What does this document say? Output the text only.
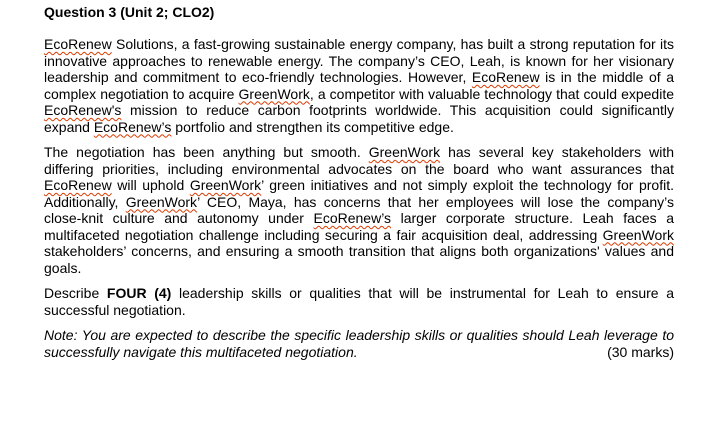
Question 3 (Unit 2; CLO2)
EcoRenew Solutions, a fast-growing sustainable energy company, has built a strong reputation for its innovative approaches to renewable energy. The company’s CEO, Leah, is known for her visionary leadership and commitment to eco-friendly technologies. However, EcoRenew is in the middle of a complex negotiation to acquire GreenWork, a competitor with valuable technology that could expedite EcoRenew's mission to reduce carbon footprints worldwide. This acquisition could significantly expand EcoRenew’s portfolio and strengthen its competitive edge.
The negotiation has been anything but smooth. GreenWork has several key stakeholders with differing priorities, including environmental advocates on the board who want assurances that EcoRenew will uphold GreenWork’ green initiatives and not simply exploit the technology for profit. Additionally, GreenWork’ CEO, Maya, has concerns that her employees will lose the company’s close-knit culture and autonomy under EcoRenew’s larger corporate structure. Leah faces a multifaceted negotiation challenge including securing a fair acquisition deal, addressing GreenWork stakeholders’ concerns, and ensuring a smooth transition that aligns both organizations' values and goals.
Describe FOUR (4) leadership skills or qualities that will be instrumental for Leah to ensure a successful negotiation.
Note: You are expected to describe the specific leadership skills or qualities should Leah leverage to successfully navigate this multifaceted negotiation.	(30 marks)
